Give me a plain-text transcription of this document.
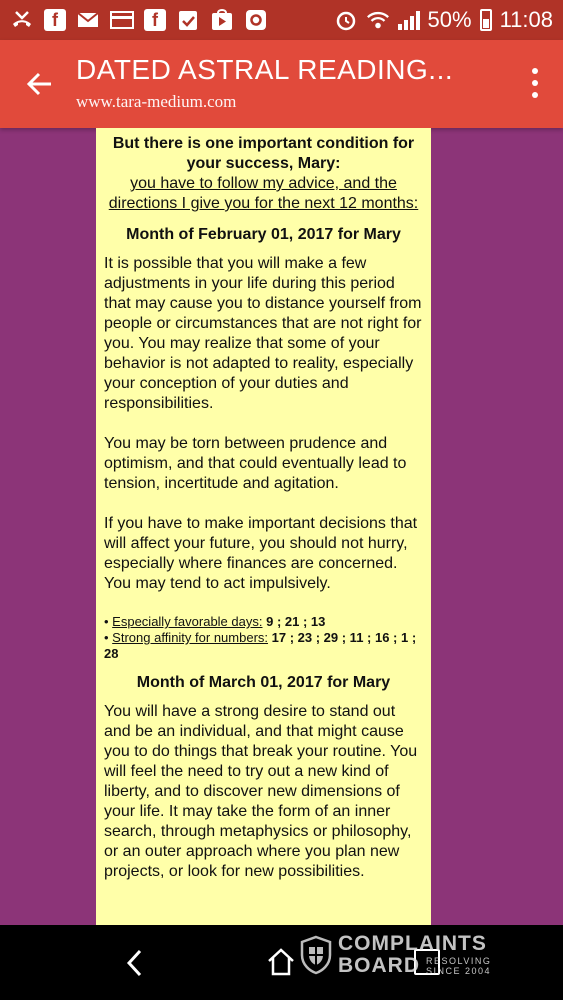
f	f	50% 11:08
DATED ASTRAL READING...
www.tara-medium.com
But there is one important condition for your success, Mary:
you have to follow my advice, and the directions I give you for the next 12 months:
Month of February 01, 2017 for Mary

It is possible that you will make a few adjustments in your life during this period that may cause you to distance yourself from people or circumstances that are not right for you. You may realize that some of your behavior is not adapted to reality, especially your conception of your duties and responsibilities.

You may be torn between prudence and optimism, and that could eventually lead to tension, incertitude and agitation.

If you have to make important decisions that will affect your future, you should not hurry, especially where finances are concerned. You may tend to act impulsively.

• Especially favorable days: 9 ; 21 ; 13
• Strong affinity for numbers: 17 ; 23 ; 29 ; 11 ; 16 ; 1 ; 28
Month of March 01, 2017 for Mary

You will have a strong desire to stand out and be an individual, and that might cause you to do things that break your routine. You will feel the need to try out a new kind of liberty, and to discover new dimensions of your life. It may take the form of an inner search, through metaphysics or philosophy, or an outer approach where you plan new projects, or look for new possibilities.

COMPLAINTS
BOARD RESOLVING
SINCE 2004
